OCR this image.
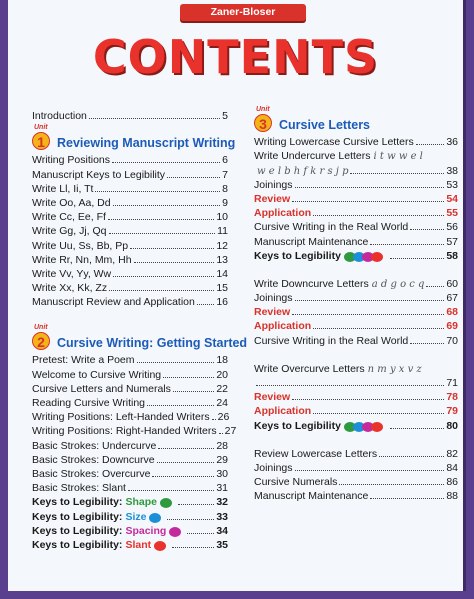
Zaner-Bloser
CONTENTS
Introduction	5
Unit
1 Reviewing Manuscript Writing
Writing Positions	6
Manuscript Keys to Legibility	7
Write Ll, Ii, Tt	8
Write Oo, Aa, Dd	9
Write Cc, Ee, Ff	10
Write Gg, Jj, Qq	11
Write Uu, Ss, Bb, Pp	12
Write Rr, Nn, Mm, Hh	13
Write Vv, Yy, Ww	14
Write Xx, Kk, Zz	15
Manuscript Review and Application 16
Unit
2 Cursive Writing: Getting Started
Pretest: Write a Poem	18
Welcome to Cursive Writing	20
Cursive Letters and Numerals	22
Reading Cursive Writing	24
Writing Positions: Left-Handed Writers 26
Writing Positions: Right-Handed Writers 27
Basic Strokes: Undercurve	28
Basic Strokes: Downcurve	29
Basic Strokes: Overcurve	30
Basic Strokes: Slant	31
Keys to Legibility: Shape	32
Keys to Legibility: Size	33
Keys to Legibility: Spacing	34
Keys to Legibility: Slant	35
Unit
3 Cursive Letters
Writing Lowercase Cursive Letters	36
Write Undercurve Letters i t w w e l
w e l b h f k r s j p	38
Joinings	53
Review	54
Application	55
Cursive Writing in the Real World	56
Manuscript Maintenance	57
Keys to Legibility	58
Write Downcurve Letters a d g o c q 60
Joinings	67
Review	68
Application	69
Cursive Writing in the Real World	70
Write Overcurve Letters n m y x v z
71
Review	78
Application	79
Keys to Legibility	80
Review Lowercase Letters	82
Joinings	84
Cursive Numerals	86
Manuscript Maintenance	88
